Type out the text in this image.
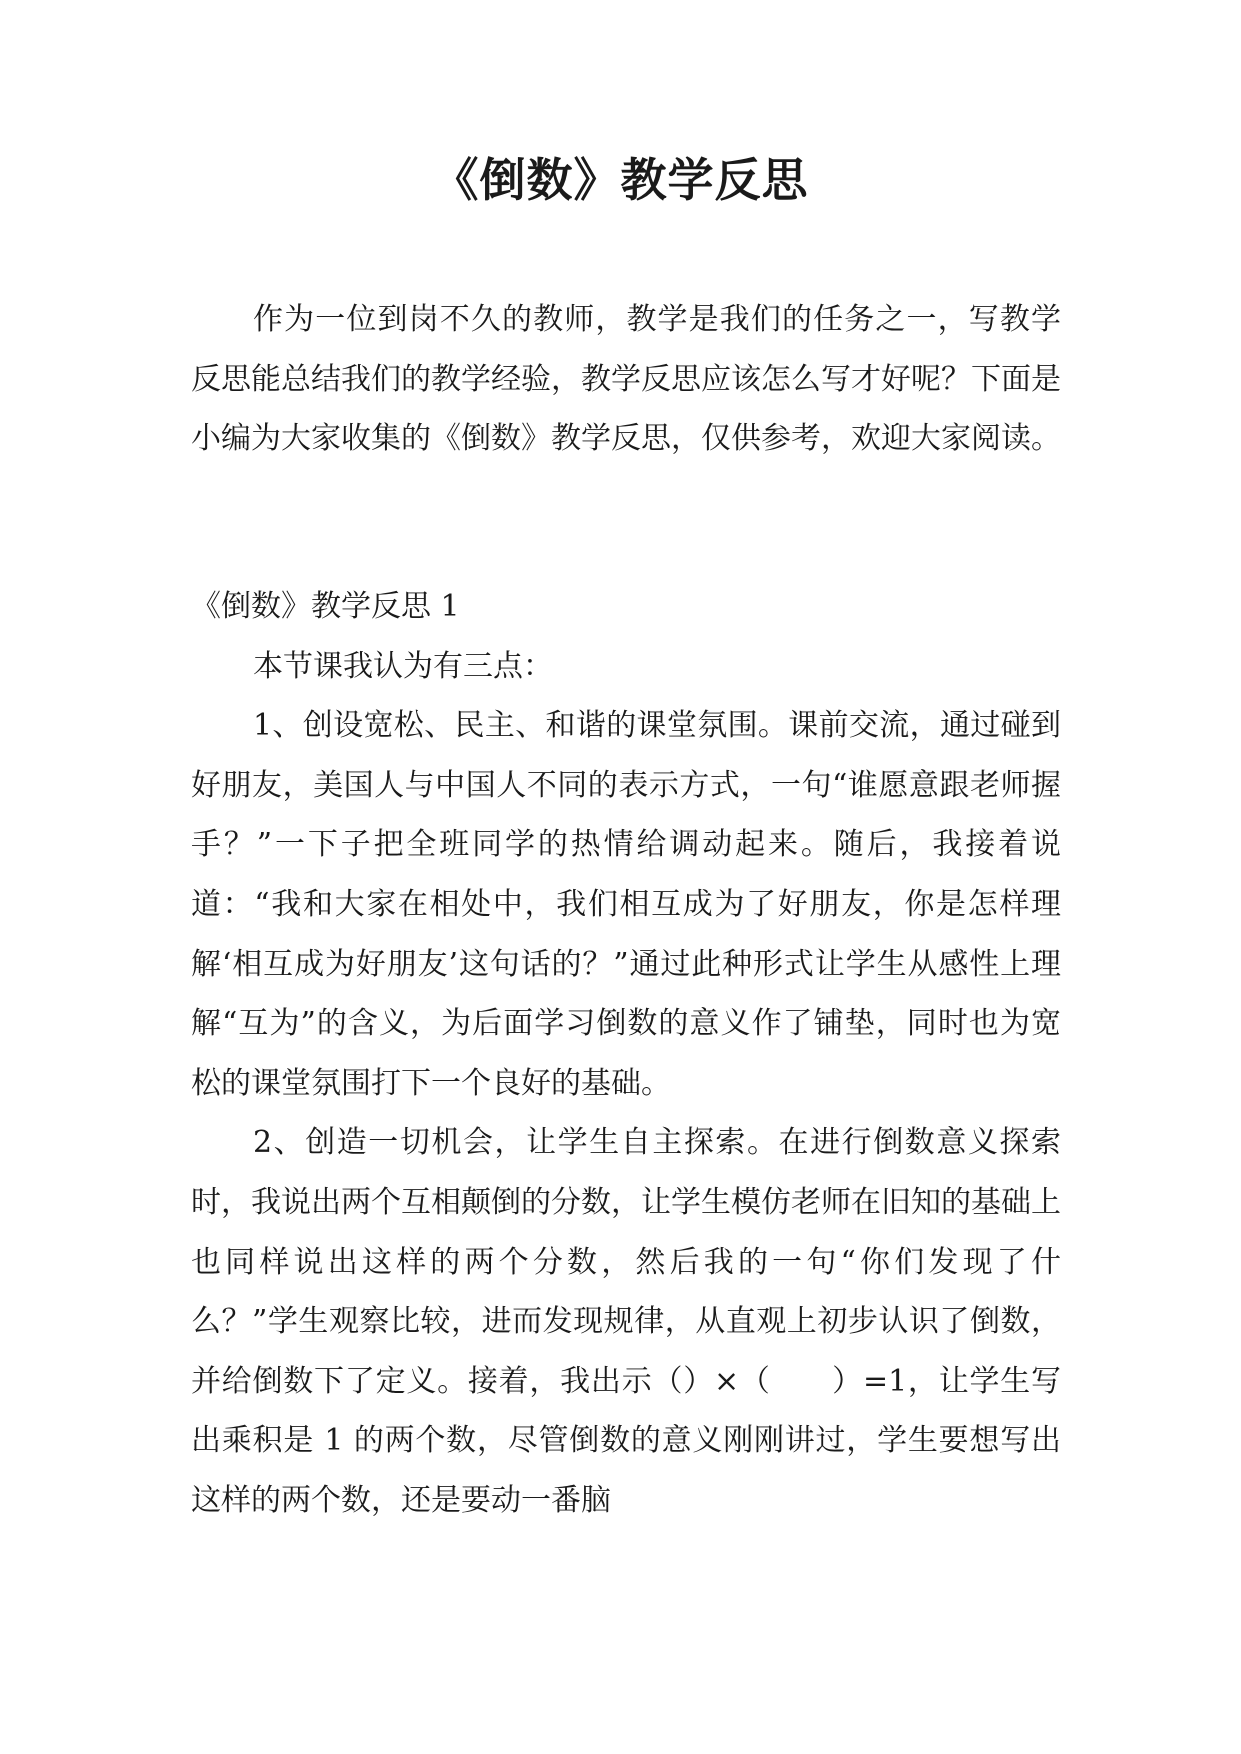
《倒数》教学反思

作为一位到岗不久的教师，教学是我们的任务之一，写教学反思能总结我们的教学经验，教学反思应该怎么写才好呢？下面是小编为大家收集的《倒数》教学反思，仅供参考，欢迎大家阅读。

《倒数》教学反思 1

本节课我认为有三点：

1、创设宽松、民主、和谐的课堂氛围。课前交流，通过碰到好朋友，美国人与中国人不同的表示方式，一句“谁愿意跟老师握手？”一下子把全班同学的热情给调动起来。随后，我接着说道：“我和大家在相处中，我们相互成为了好朋友，你是怎样理解‘相互成为好朋友’这句话的？”通过此种形式让学生从感性上理解“互为”的含义，为后面学习倒数的意义作了铺垫，同时也为宽松的课堂氛围打下一个良好的基础。

2、创造一切机会，让学生自主探索。在进行倒数意义探索时，我说出两个互相颠倒的分数，让学生模仿老师在旧知的基础上也同样说出这样的两个分数，然后我的一句“你们发现了什么？”学生观察比较，进而发现规律，从直观上初步认识了倒数，并给倒数下了定义。接着，我出示（）×（　　）=1，让学生写出乘积是 1 的两个数，尽管倒数的意义刚刚讲过，学生要想写出这样的两个数，还是要动一番脑
